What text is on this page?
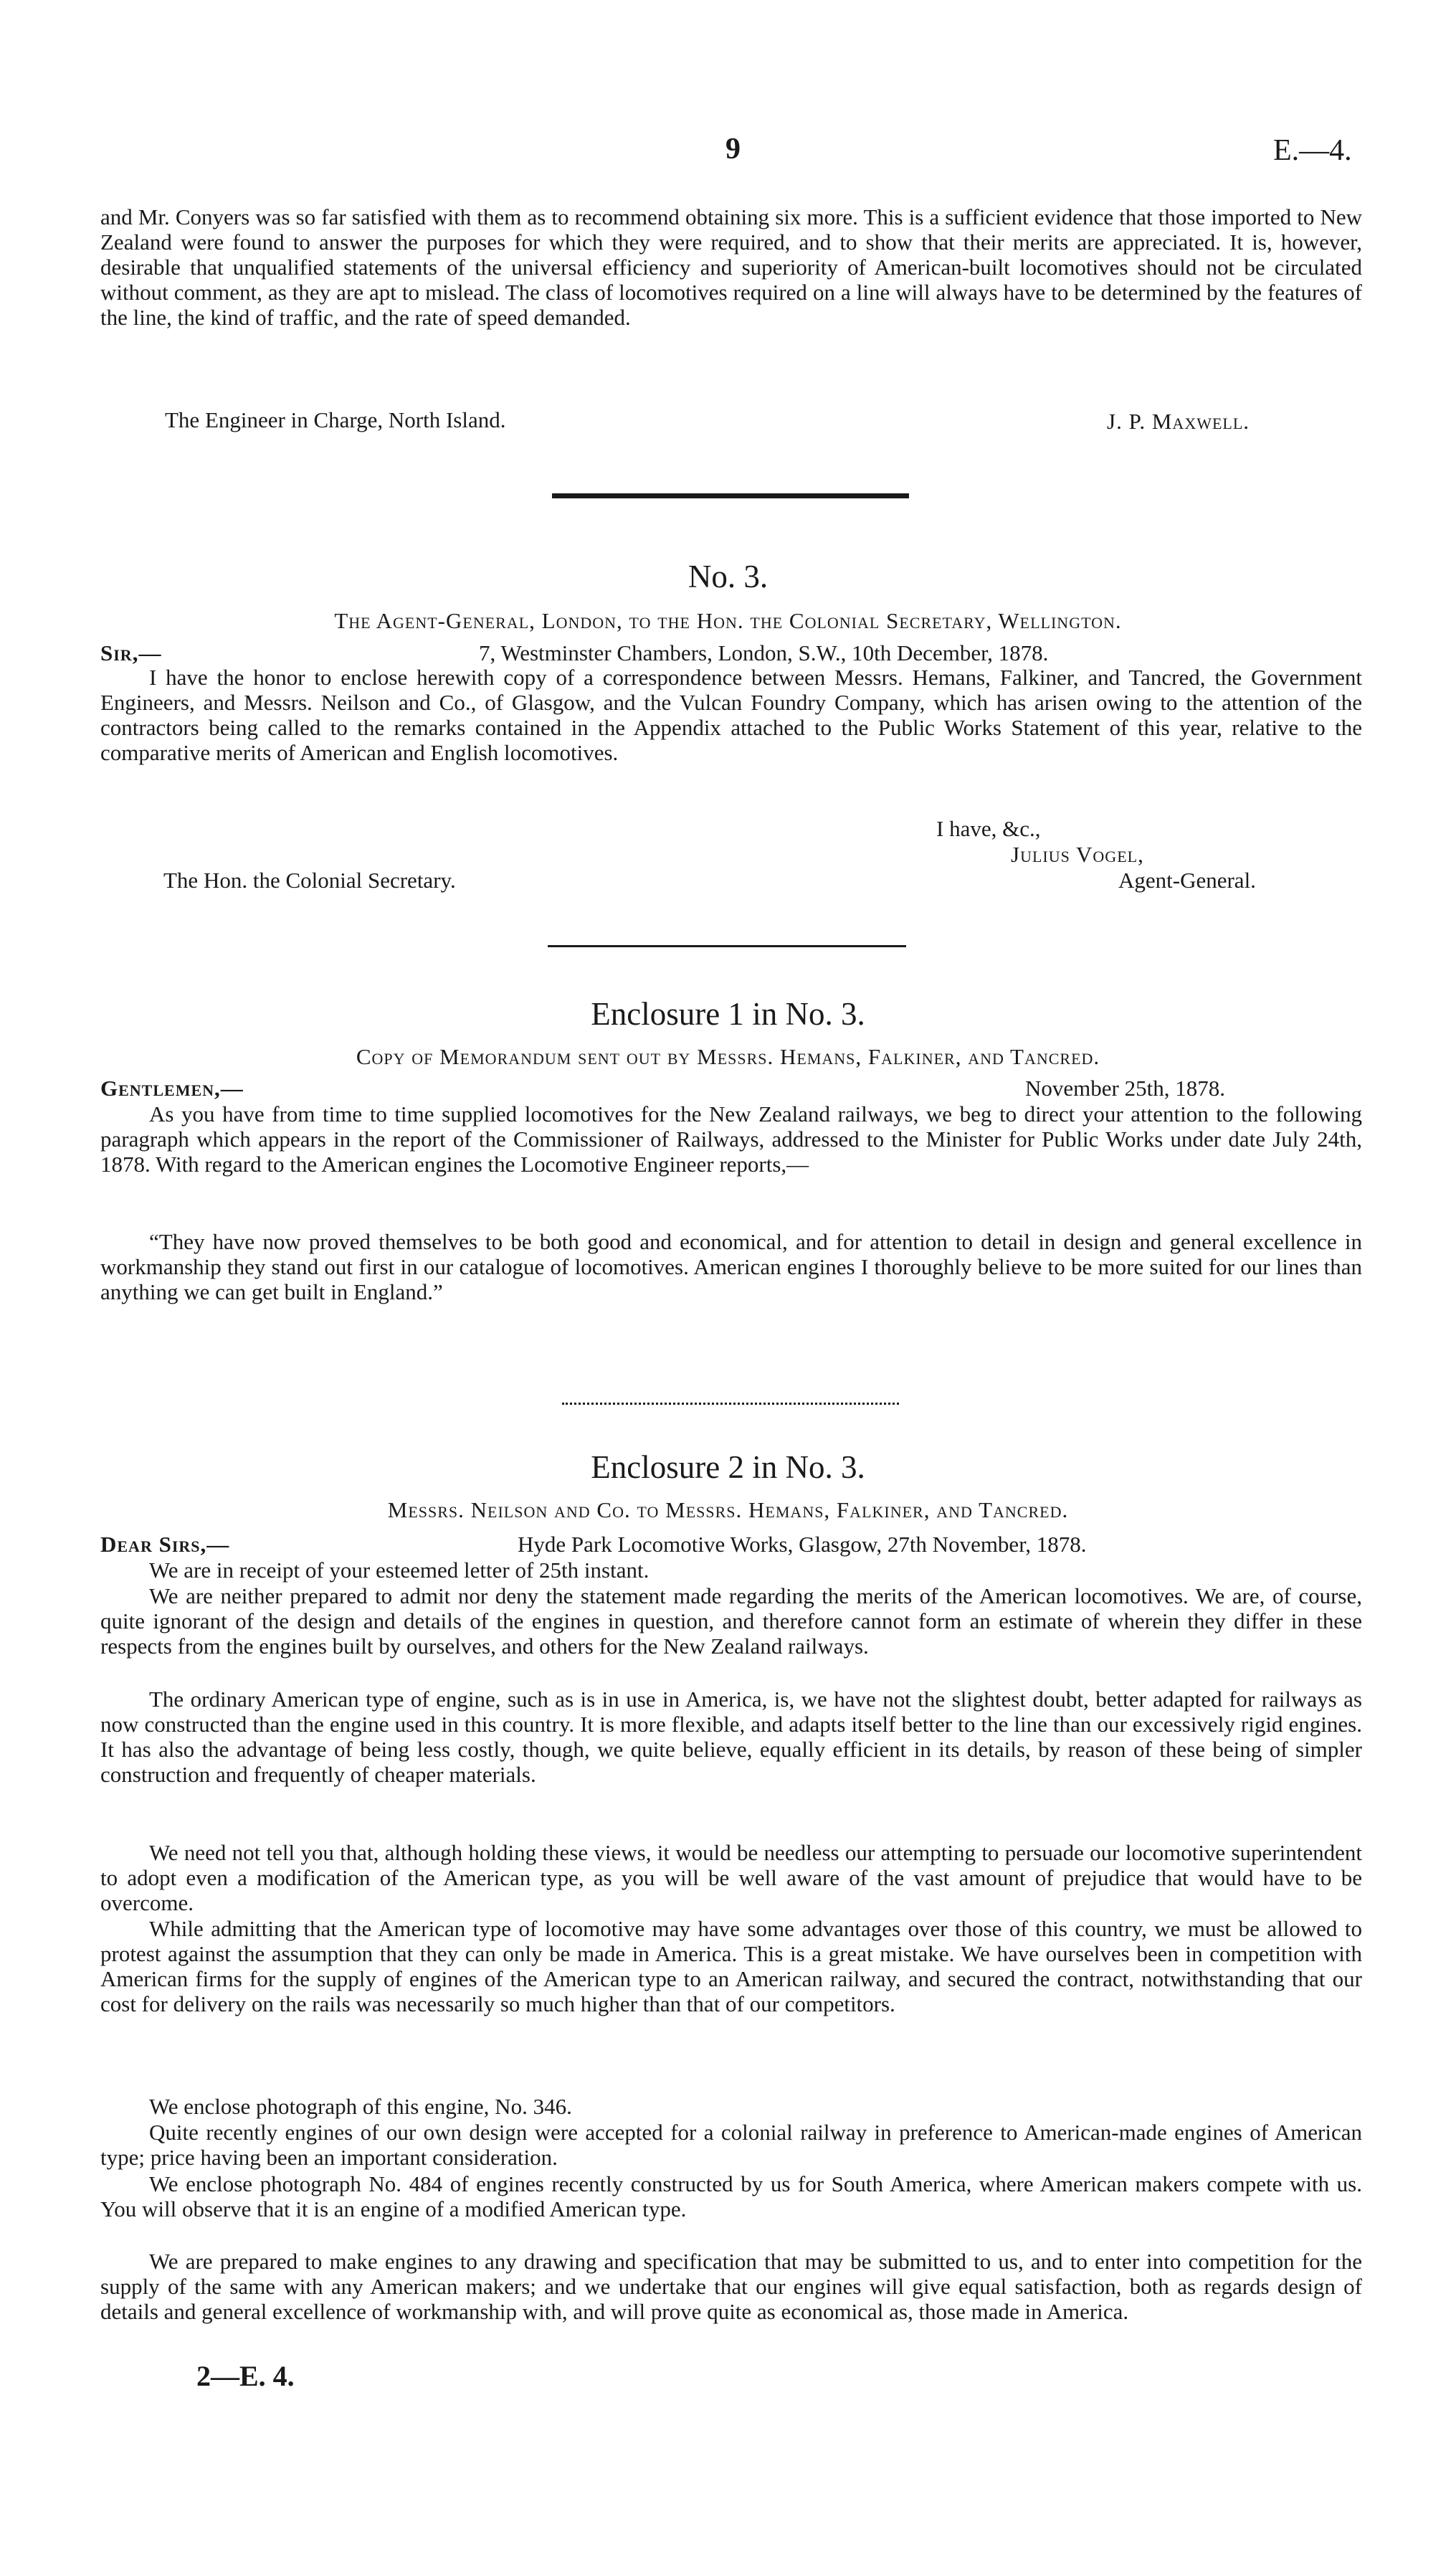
9	E.—4.
and Mr. Conyers was so far satisfied with them as to recommend obtaining six more. This is a sufficient evidence that those imported to New Zealand were found to answer the purposes for which they were required, and to show that their merits are appreciated. It is, however, desirable that unqualified statements of the universal efficiency and superiority of American-built locomotives should not be circulated without comment, as they are apt to mislead. The class of locomotives required on a line will always have to be determined by the features of the line, the kind of traffic, and the rate of speed demanded.
The Engineer in Charge, North Island.	J. P. Maxwell.
No. 3.
The Agent-General, London, to the Hon. the Colonial Secretary, Wellington.
Sir,—	7, Westminster Chambers, London, S.W., 10th December, 1878.
I have the honor to enclose herewith copy of a correspondence between Messrs. Hemans, Falkiner, and Tancred, the Government Engineers, and Messrs. Neilson and Co., of Glasgow, and the Vulcan Foundry Company, which has arisen owing to the attention of the contractors being called to the remarks contained in the Appendix attached to the Public Works Statement of this year, relative to the comparative merits of American and English locomotives.
I have, &c.,
Julius Vogel,
The Hon. the Colonial Secretary.	Agent-General.
Enclosure 1 in No. 3.
Copy of Memorandum sent out by Messrs. Hemans, Falkiner, and Tancred.
Gentlemen,—	November 25th, 1878.
As you have from time to time supplied locomotives for the New Zealand railways, we beg to direct your attention to the following paragraph which appears in the report of the Commissioner of Railways, addressed to the Minister for Public Works under date July 24th, 1878. With regard to the American engines the Locomotive Engineer reports,—
“They have now proved themselves to be both good and economical, and for attention to detail in design and general excellence in workmanship they stand out first in our catalogue of locomotives. American engines I thoroughly believe to be more suited for our lines than anything we can get built in England.”
Enclosure 2 in No. 3.
Messrs. Neilson and Co. to Messrs. Hemans, Falkiner, and Tancred.
Dear Sirs,—	Hyde Park Locomotive Works, Glasgow, 27th November, 1878.
We are in receipt of your esteemed letter of 25th instant.
We are neither prepared to admit nor deny the statement made regarding the merits of the American locomotives. We are, of course, quite ignorant of the design and details of the engines in question, and therefore cannot form an estimate of wherein they differ in these respects from the engines built by ourselves, and others for the New Zealand railways.
The ordinary American type of engine, such as is in use in America, is, we have not the slightest doubt, better adapted for railways as now constructed than the engine used in this country. It is more flexible, and adapts itself better to the line than our excessively rigid engines. It has also the advantage of being less costly, though, we quite believe, equally efficient in its details, by reason of these being of simpler construction and frequently of cheaper materials.
We need not tell you that, although holding these views, it would be needless our attempting to persuade our locomotive superintendent to adopt even a modification of the American type, as you will be well aware of the vast amount of prejudice that would have to be overcome.
While admitting that the American type of locomotive may have some advantages over those of this country, we must be allowed to protest against the assumption that they can only be made in America. This is a great mistake. We have ourselves been in competition with American firms for the supply of engines of the American type to an American railway, and secured the contract, notwithstanding that our cost for delivery on the rails was necessarily so much higher than that of our competitors.
We enclose photograph of this engine, No. 346.
Quite recently engines of our own design were accepted for a colonial railway in preference to American-made engines of American type; price having been an important consideration.
We enclose photograph No. 484 of engines recently constructed by us for South America, where American makers compete with us. You will observe that it is an engine of a modified American type.
We are prepared to make engines to any drawing and specification that may be submitted to us, and to enter into competition for the supply of the same with any American makers; and we undertake that our engines will give equal satisfaction, both as regards design of details and general excellence of workmanship with, and will prove quite as economical as, those made in America.
2—E. 4.
